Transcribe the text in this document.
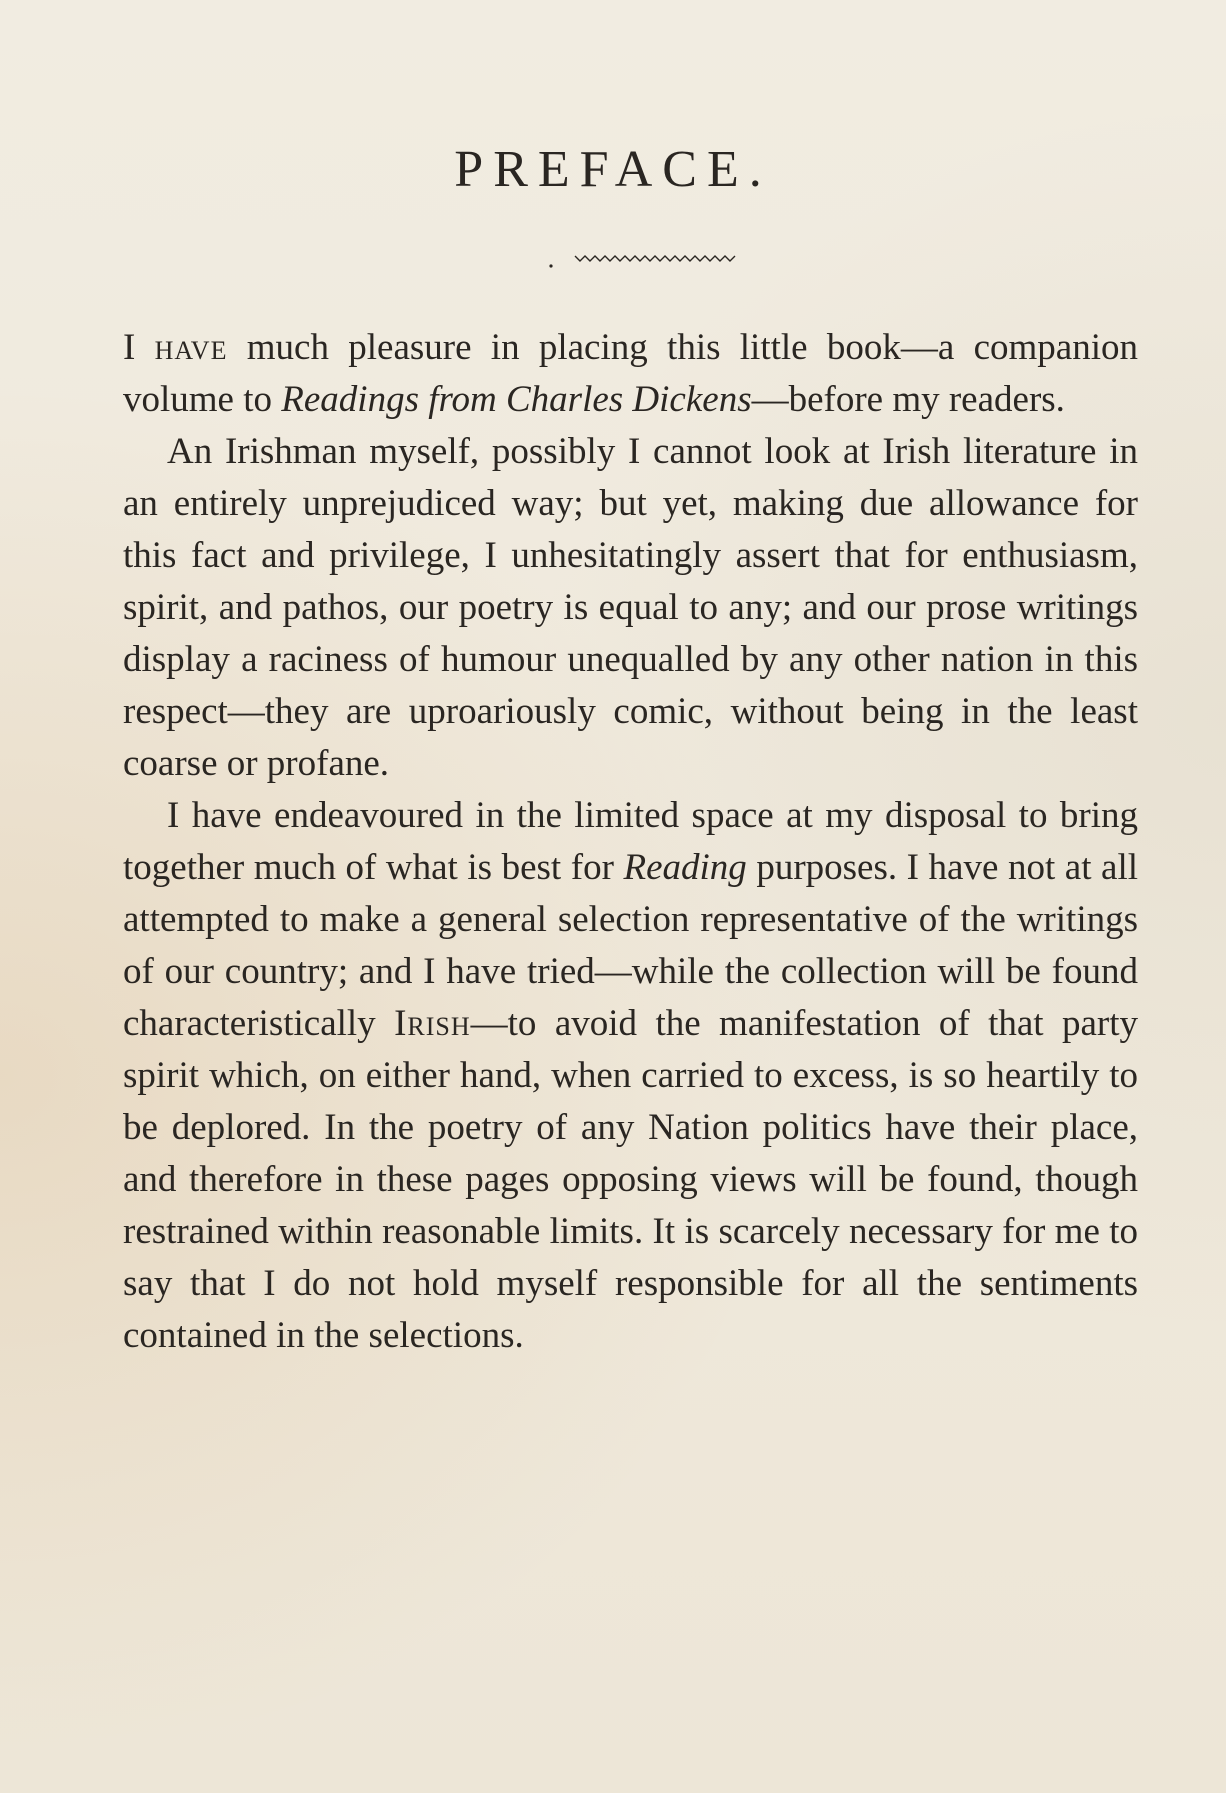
PREFACE.

I have much pleasure in placing this little book—a companion volume to Readings from Charles Dickens—before my readers.

An Irishman myself, possibly I cannot look at Irish literature in an entirely unprejudiced way; but yet, making due allowance for this fact and privilege, I unhesitatingly assert that for enthusiasm, spirit, and pathos, our poetry is equal to any; and our prose writings display a raciness of humour unequalled by any other nation in this respect—they are uproariously comic, without being in the least coarse or profane.

I have endeavoured in the limited space at my disposal to bring together much of what is best for Reading purposes. I have not at all attempted to make a general selection representative of the writings of our country; and I have tried—while the collection will be found characteristically Irish—to avoid the manifestation of that party spirit which, on either hand, when carried to excess, is so heartily to be deplored. In the poetry of any Nation politics have their place, and therefore in these pages opposing views will be found, though restrained within reasonable limits. It is scarcely necessary for me to say that I do not hold myself responsible for all the sentiments contained in the selections.
